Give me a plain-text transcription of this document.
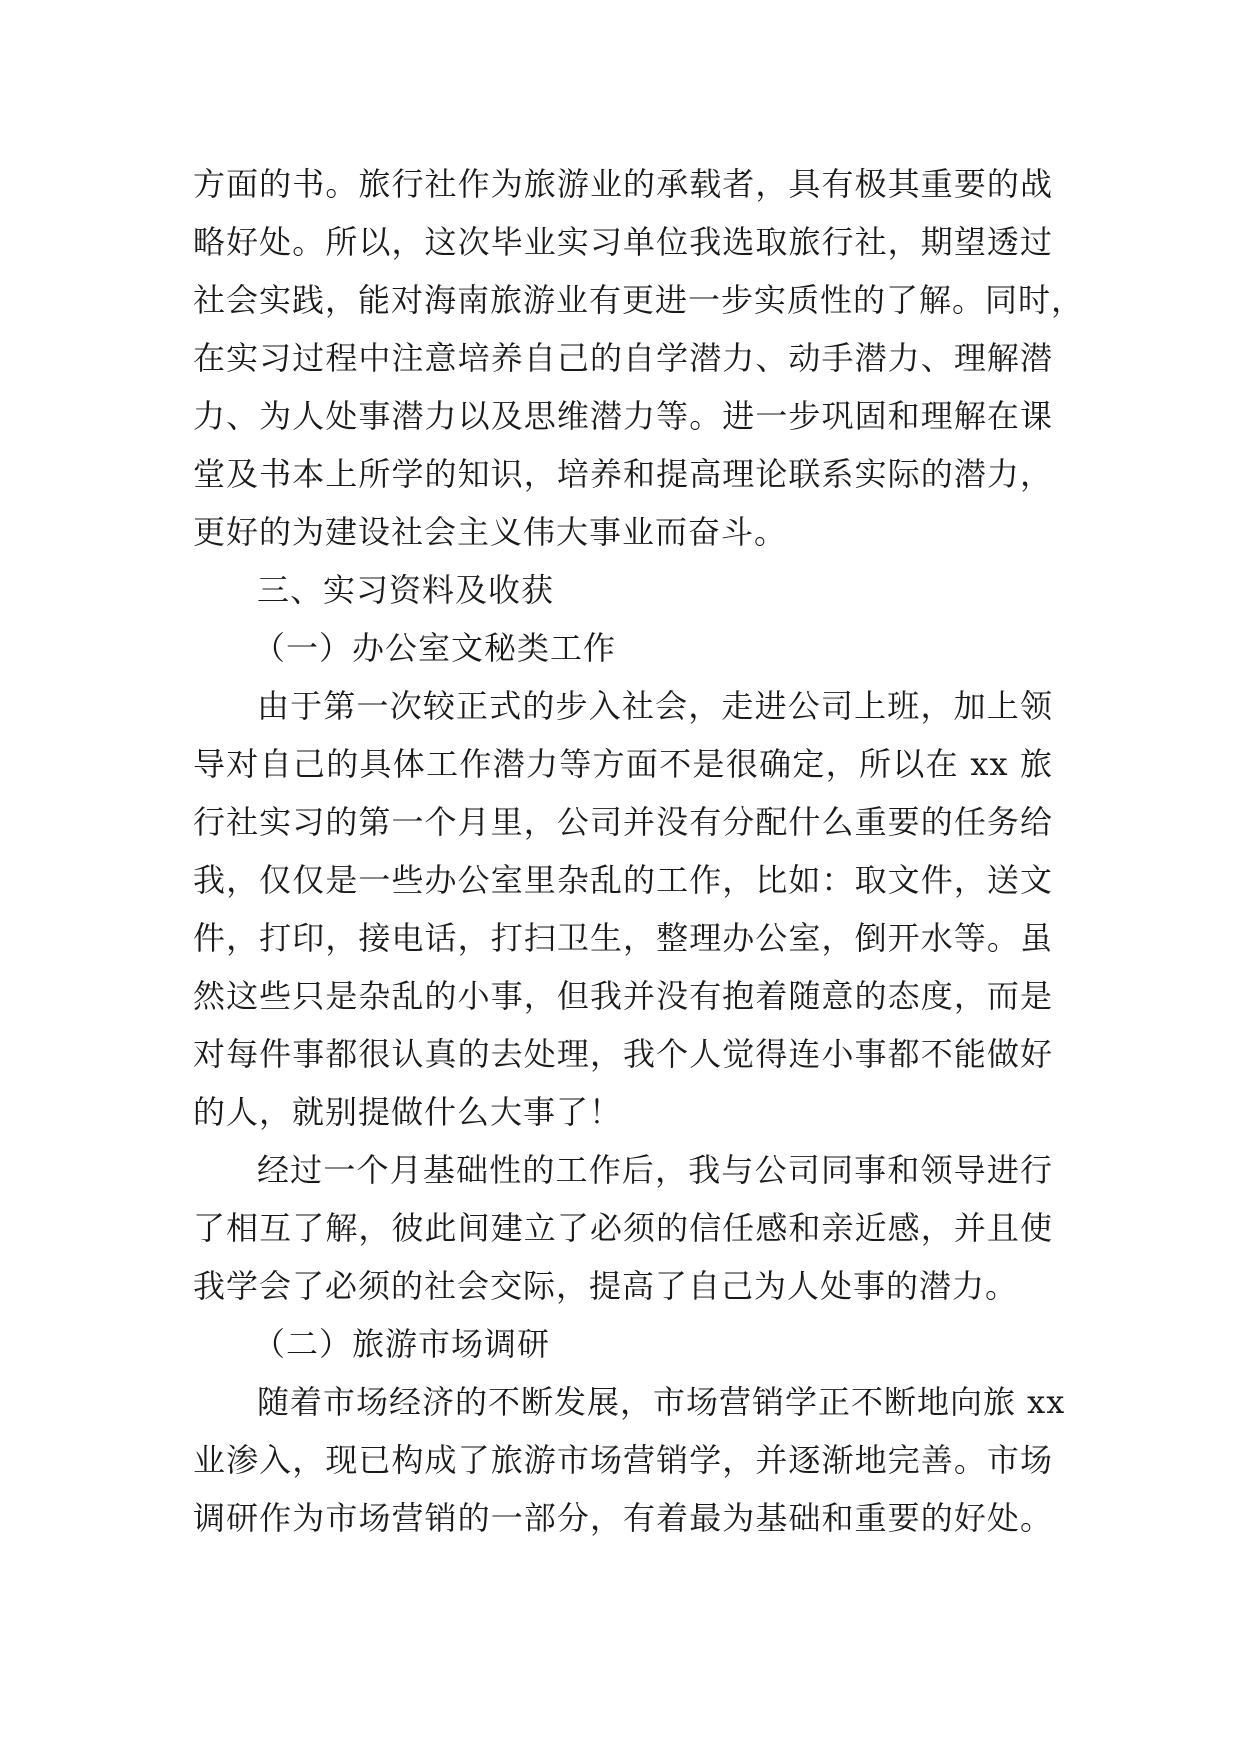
方面的书。旅行社作为旅游业的承载者，具有极其重要的战
略好处。所以，这次毕业实习单位我选取旅行社，期望透过
社会实践，能对海南旅游业有更进一步实质性的了解。同时，
在实习过程中注意培养自己的自学潜力、动手潜力、理解潜
力、为人处事潜力以及思维潜力等。进一步巩固和理解在课
堂及书本上所学的知识，培养和提高理论联系实际的潜力，
更好的为建设社会主义伟大事业而奋斗。
三、实习资料及收获
（一）办公室文秘类工作
由于第一次较正式的步入社会，走进公司上班，加上领
导对自己的具体工作潜力等方面不是很确定，所以在 xx 旅
行社实习的第一个月里，公司并没有分配什么重要的任务给
我，仅仅是一些办公室里杂乱的工作，比如：取文件，送文
件，打印，接电话，打扫卫生，整理办公室，倒开水等。虽
然这些只是杂乱的小事，但我并没有抱着随意的态度，而是
对每件事都很认真的去处理，我个人觉得连小事都不能做好
的人，就别提做什么大事了！
经过一个月基础性的工作后，我与公司同事和领导进行
了相互了解，彼此间建立了必须的信任感和亲近感，并且使
我学会了必须的社会交际，提高了自己为人处事的潜力。
（二）旅游市场调研
随着市场经济的不断发展，市场营销学正不断地向旅 xx
业渗入，现已构成了旅游市场营销学，并逐渐地完善。市场
调研作为市场营销的一部分，有着最为基础和重要的好处。
